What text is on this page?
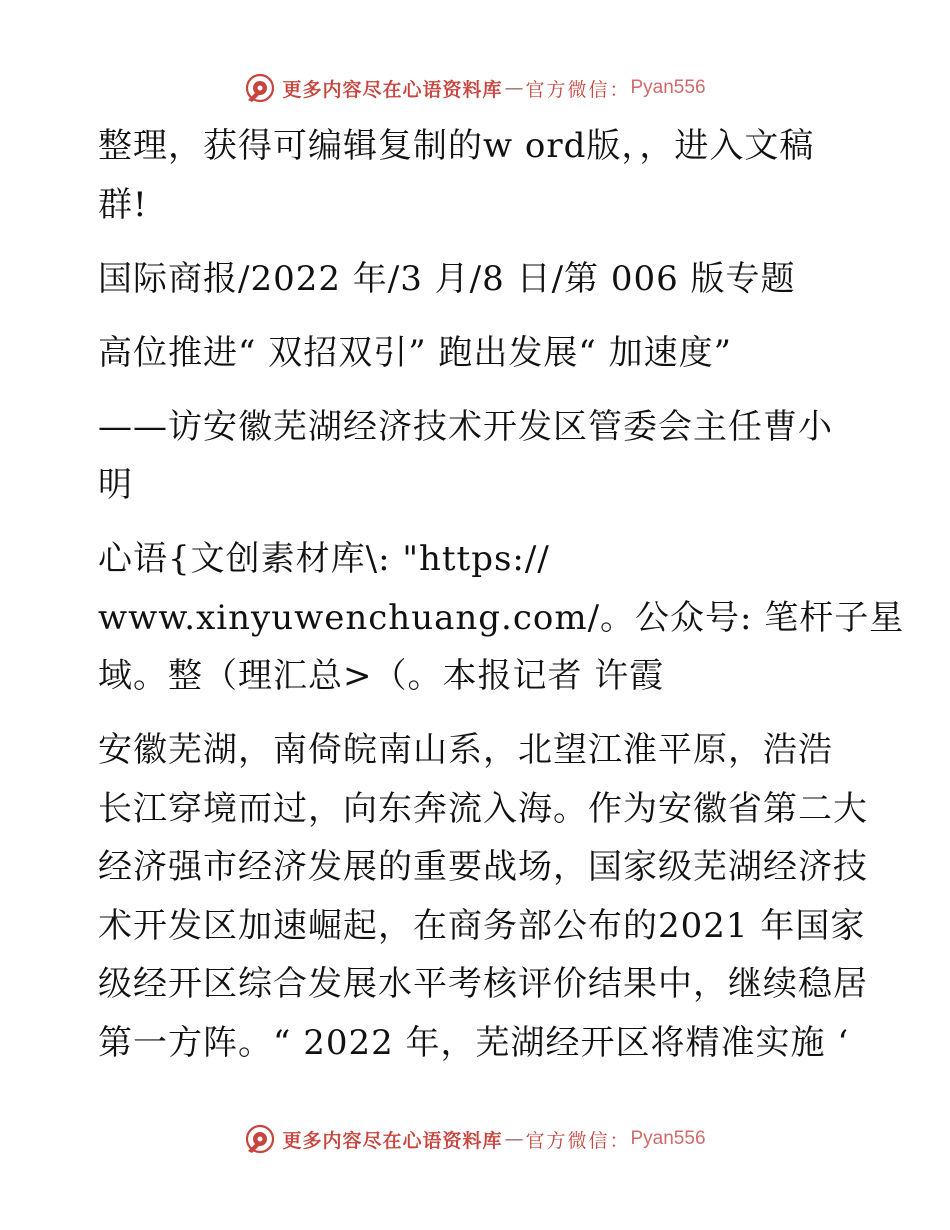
更多内容尽在心语资料库 — 官方微信： Pyan556
整理，获得可编辑复制的w ord版，，进入文稿
群!
国际商报/2022 年/3 月/8 日/第 006 版专题
高位推进“ 双招双引” 跑出发展“ 加速度”
——访安徽芜湖经济技术开发区管委会主任曹小
明
心语{文创素材库\: "https://
www.xinyuwenchuang.com/。公众号: 笔杆子星
域。整（理汇总>（。本报记者 许霞
安徽芜湖，南倚皖南山系，北望江淮平原，浩浩
长江穿境而过，向东奔流入海。作为安徽省第二大
经济强市经济发展的重要战场，国家级芜湖经济技
术开发区加速崛起，在商务部公布的2021 年国家
级经开区综合发展水平考核评价结果中，继续稳居
第一方阵。“ 2022 年，芜湖经开区将精准实施 ‘
更多内容尽在心语资料库 — 官方微信： Pyan556
